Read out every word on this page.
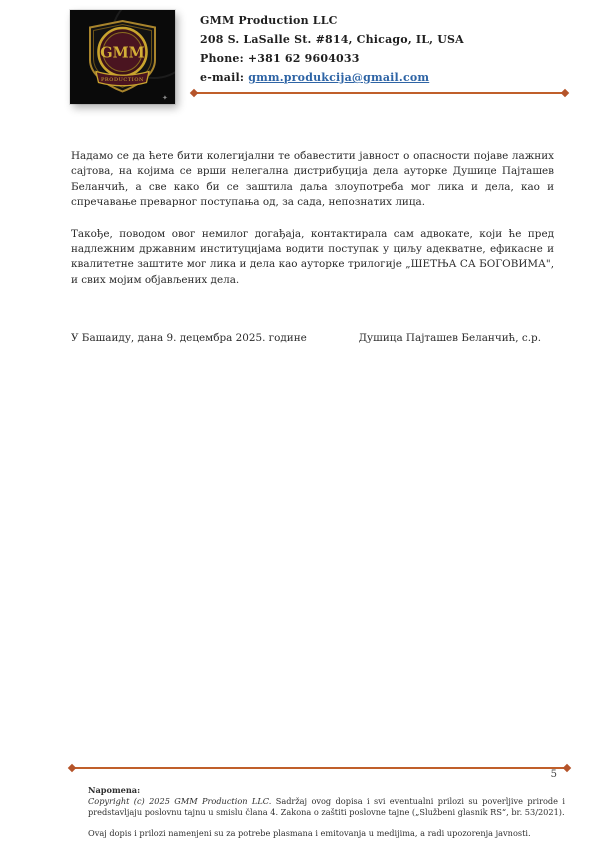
GMM
PRODUCTION
✦
GMM Production LLC
208 S. LaSalle St. #814, Chicago, IL, USA
Phone: +381 62 9604033
e-mail: gmm.produkcija@gmail.com

Надамо се да ћете бити колегијални те обавестити јавност о опасности појаве лажних сајтова, на којима се врши нелегална дистрибуција дела ауторке Душице Пајташев Беланчић, а све како би се заштила даља злоупотреба мог лика и дела, као и спречавање преварног поступања од, за сада, непознатих лица.

Такође, поводом овог немилог догађаја, контактирала сам адвокате, који ће пред надлежним државним институцијама водити поступак у циљу адекватне, ефикасне и квалитетне заштите мог лика и дела као ауторке трилогије „ШЕТЊА СА БОГОВИМА", и свих мојим објављених дела.

У Башаиду, дана 9. децембра 2025. године	Душица Пајташев Беланчић, с.р.
5
Napomena:
Copyright (c) 2025 GMM Production LLC. Sadržaj ovog dopisa i svi eventualni prilozi su poverljive prirode i predstavljaju poslovnu tajnu u smislu člana 4. Zakona o zaštiti poslovne tajne („Službeni glasnik RS“, br. 53/2021).
Ovaj dopis i prilozi namenjeni su za potrebe plasmana i emitovanja u medijima, a radi upozorenja javnosti.
